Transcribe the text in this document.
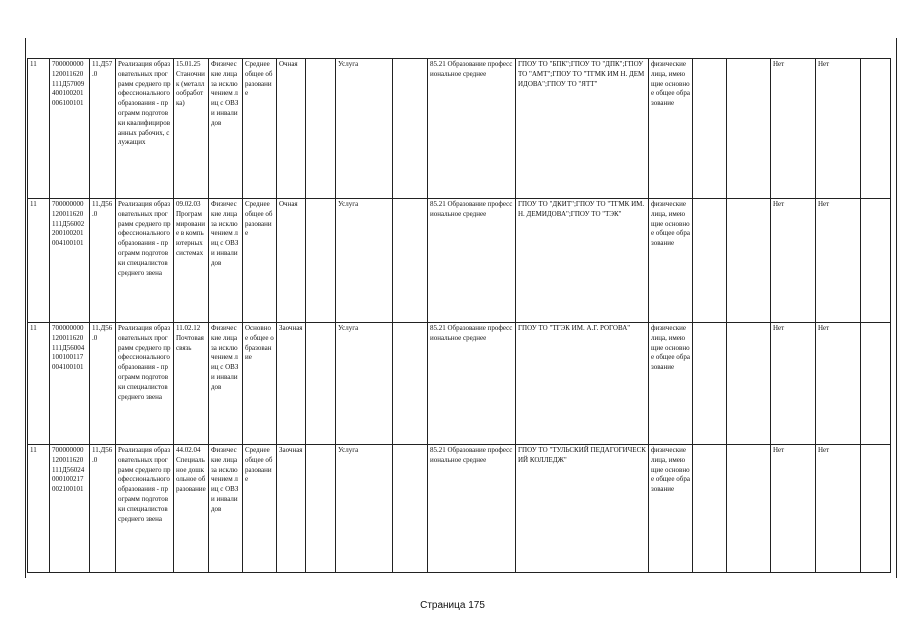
11	700000000 120011620 111Д57009 400100201 006100101	11.Д57 .0	Реализация образовательных программ среднего профессионального образования - программ подготовки квалифицированных рабочих, служащих	15.01.25 Станочник (металлообработка)	Физические лица за исключением лиц с ОВЗ и инвалидов	Среднее общее образование	Очная		Услуга		85.21 Образование профессиональное среднее	ГПОУ ТО "БПК";ГПОУ ТО "ДПК";ГПОУ ТО "АМТ";ГПОУ ТО "ТГМК ИМ Н. ДЕМИДОВА";ГПОУ ТО "ЯТТ"	физические лица, имеющие основное общее образование			Нет	Нет	
11	700000000 120011620 111Д56002 200100201 004100101	11.Д56 .0	Реализация образовательных программ среднего профессионального образования - программ подготовки специалистов среднего звена	09.02.03 Программирование в компьютерных системах	Физические лица за исключением лиц с ОВЗ и инвалидов	Среднее общее образование	Очная		Услуга		85.21 Образование профессиональное среднее	ГПОУ ТО "ДКИТ";ГПОУ ТО "ТГМК ИМ. Н. ДЕМИДОВА";ГПОУ ТО "ТЭК"	физические лица, имеющие основное общее образование			Нет	Нет	
11	700000000 120011620 111Д56004 100100117 004100101	11.Д56 .0	Реализация образовательных программ среднего профессионального образования - программ подготовки специалистов среднего звена	11.02.12 Почтовая связь	Физические лица за исключением лиц с ОВЗ и инвалидов	Основное общее образование	Заочная		Услуга		85.21 Образование профессиональное среднее	ГПОУ ТО "ТГЭК ИМ. А.Г. РОГОВА"	физические лица, имеющие основное общее образование			Нет	Нет	
11	700000000 120011620 111Д56024 000100217 002100101	11.Д56 .0	Реализация образовательных программ среднего профессионального образования - программ подготовки специалистов среднего звена	44.02.04 Специальное дошкольное образование	Физические лица за исключением лиц с ОВЗ и инвалидов	Среднее общее образование	Заочная		Услуга		85.21 Образование профессиональное среднее	ГПОУ ТО "ТУЛЬСКИЙ ПЕДАГОГИЧЕСКИЙ КОЛЛЕДЖ"	физические лица, имеющие основное общее образование			Нет	Нет	
Страница 175
